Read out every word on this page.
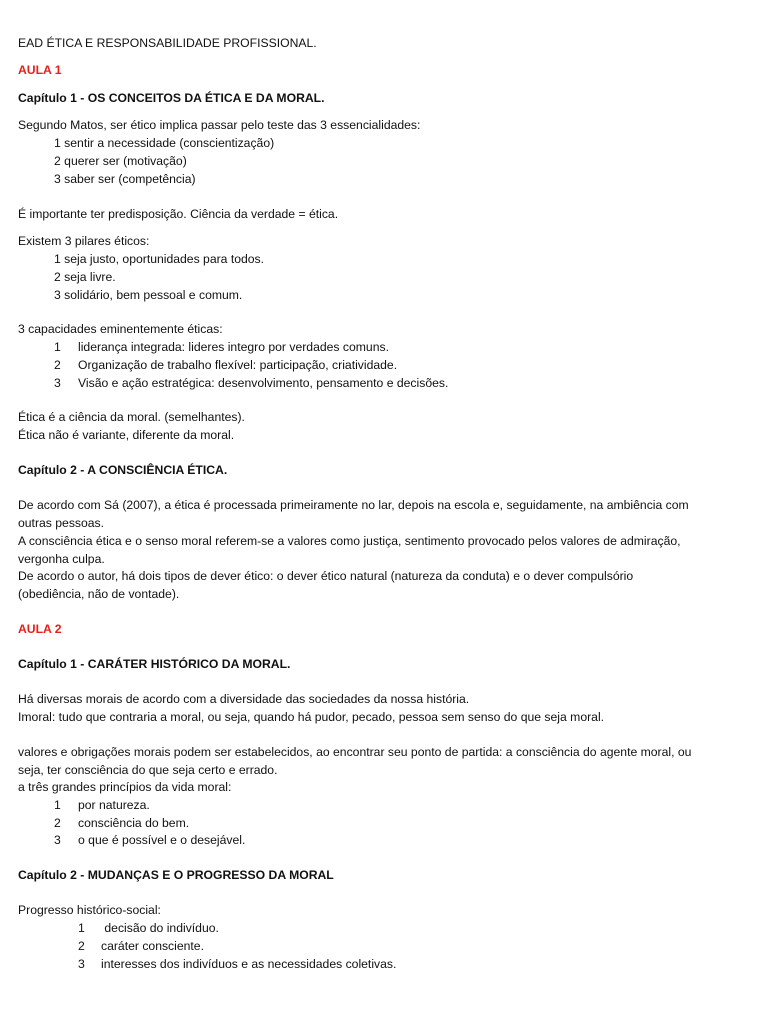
EAD ÉTICA E RESPONSABILIDADE PROFISSIONAL.
AULA 1
Capítulo 1 - OS CONCEITOS DA ÉTICA E DA MORAL.
Segundo Matos, ser ético implica passar pelo teste das 3 essencialidades:
1 sentir a necessidade (conscientização)
2 querer ser (motivação)
3 saber ser (competência)
É importante ter predisposição. Ciência da verdade = ética.
Existem 3 pilares éticos:
1 seja justo, oportunidades para todos.
2 seja livre.
3 solidário, bem pessoal e comum.
3 capacidades eminentemente éticas:
1 liderança integrada: lideres integro por verdades comuns.
2 Organização de trabalho flexível: participação, criatividade.
3 Visão e ação estratégica: desenvolvimento, pensamento e decisões.
Ética é a ciência da moral. (semelhantes).
Ética não é variante, diferente da moral.
Capítulo 2 - A CONSCIÊNCIA ÉTICA.
De acordo com Sá (2007), a ética é processada primeiramente no lar, depois na escola e, seguidamente, na ambiência com
outras pessoas.
A consciência ética e o senso moral referem-se a valores como justiça, sentimento provocado pelos valores de admiração,
vergonha culpa.
De acordo o autor, há dois tipos de dever ético: o dever ético natural (natureza da conduta) e o dever compulsório
(obediência, não de vontade).
AULA 2
Capítulo 1 - CARÁTER HISTÓRICO DA MORAL.
Há diversas morais de acordo com a diversidade das sociedades da nossa história.
Imoral: tudo que contraria a moral, ou seja, quando há pudor, pecado, pessoa sem senso do que seja moral.
valores e obrigações morais podem ser estabelecidos, ao encontrar seu ponto de partida: a consciência do agente moral, ou
seja, ter consciência do que seja certo e errado.
a três grandes princípios da vida moral:
1 por natureza.
2 consciência do bem.
3 o que é possível e o desejável.
Capítulo 2 - MUDANÇAS E O PROGRESSO DA MORAL
Progresso histórico-social:
1 decisão do indivíduo.
2 caráter consciente.
3 interesses dos indivíduos e as necessidades coletivas.
